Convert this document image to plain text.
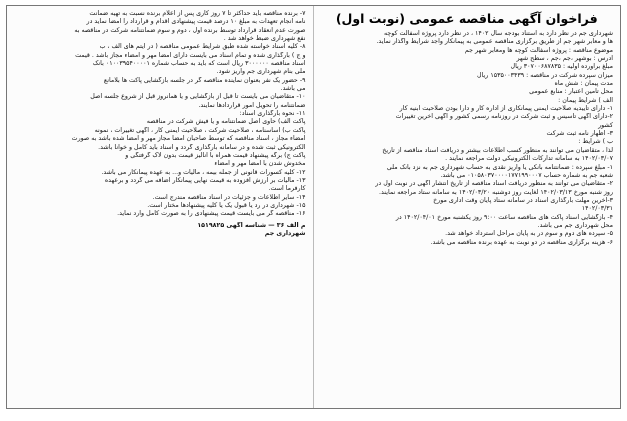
فراخوان آگهی مناقصه عمومی (نوبت اول)
شهرداری جم در نظر دارد به استناد بودجه سال ۱۴۰۲ ، در نظر دارد پروژه آسفالت کوچه
ها و معابر شهر جم از طریق برگزاری مناقصه عمومی به پیمانکار واجد شرایط واگذار نماید.
موضوع مناقصه : پروژه آسفالت کوچه ها ومعابر شهر جم
آدرس : بوشهر ،جم ،جم ، سطح شهر
مبلغ برآورده اولیه : ۳۰۷۰۰۶۸۷۸۳۵ ریال
میزان سپرده شرکت در مناقصه : ۱۵۳۵۰۰۳۴۳۹ ریال
مدت پیمان : شش ماه
محل تامین اعتبار : منابع عمومی
الف ) شرایط پیمان :
۱- دارای تاییدیه صلاحیت ایمنی پیمانکاری از اداره کار و دارا بودن صلاحیت ابنیه کار
۲-دارای آگهی تاسیس و ثبت شرکت در روزنامه رسمی کشور و آگهی آخرین تغییرات
کشور
۳- اظهار نامه ثبت شرکت
ب ) شرایط :
لذا ، متقاضیان می توانند به منظور کسب اطلاعات بیشتر و دریافت اسناد مناقصه از تاریخ
۱۴۰۲/۰۳/۰۷ به سامانه تدارکات الکترونیکی دولت مراجعه نمایند .
۱- مبلغ سپرده : ضمانتنامه بانکی یا واریز نقدی به حساب شهرداری جم به نزد بانک ملی
شعبه جم به شماره حساب ۰۱۰۵۸۰۳۷۰۰۰۰۱۷۷۱۹۹۰۰۰۷ می باشد.
۲- متقاضیان می توانند به منظور دریافت اسناد مناقصه از تاریخ انتشار آگهی در نوبت اول در
روز شنبه مورخ ۱۴۰۲/۰۳/۱۳ لغایت روز دوشنبه ۱۴۰۲/۰۳/۲۰ به سامانه ستاد مراجعه نمایند.
۳-آخرین مهلت بارگذاری اسناد در سامانه ستاد پایان وقت اداری مورخ
۱۴۰۲/۰۳/۳۱
۴- بازگشایی اسناد پاکت های مناقصه ساعت ۹:۰۰ روز یکشنبه مورخ ۱۴۰۲/۰۴/۰۱ در
محل شهرداری جم می باشد.
۵- سپرده های دوم و سوم در به پایان مراحل استرداد خواهد شد.
۶- هزینه برگزاری مناقصه در دو نوبت به عهده برنده مناقصه می باشد.
۷- برنده مناقصه باید حداکثر تا ۷ روز کاری پس از اعلام برنده نسبت به تهیه ضمانت
نامه انجام تعهدات به مبلغ ۱۰ درصد قیمت پیشنهادی اقدام و قرارداد را امضا نماید در
صورت عدم انعقاد قرارداد توسط برنده اول ، دوم و سوم ضمانتنامه شرکت در مناقصه به
نفع شهرداری ضبط خواهد شد .
۸- کلیه اسناد خواسته شده طبق شرایط عمومی مناقصه ( در آیتم های الف ، ب
و ج ) بارگذاری شده و تمام اسناد می بایست دارای امضا مهر و امضاء مجاز باشد . قیمت
اسناد مناقصه ۳۰۰۰۰۰۰ ریال است که باید به حساب شماره ۰۱۰۰۳۹۵۴۰۰۰۰۱ بانک
ملی بنام شهرداری جم واریز شود.
۹- حضور یک نفر بعنوان نماینده مناقصه گر در جلسه بازگشایی پاکت ها بلامانع
می باشد.
۱۰- متقاضیان می بایست تا قبل از بازگشایی و یا همانروز قبل از شروع جلسه اصل
ضمانتنامه را تحویل امور قراردادها نمایند.
۱۱- نحوه بارگذاری اسناد:
پاکت الف) حاوی اصل ضمانتنامه و یا فیش شرکت در مناقصه
پاکت ب) اساسنامه ، صلاحیت شرکت ، صلاحیت ایمنی کار ، آگهی تغییرات ، نمونه
امضاء مجاز ، اسناد مناقصه که توسط صاحبان امضا مجاز مهر و امضا شده باشد به صورت
الکترونیکی ثبت شده و در سامانه بارگذاری گردد و اسناد باید کامل و خوانا باشد.
پاکت ج) برگه پیشنهاد قیمت همراه با آنالیز قیمت بدون لاک گرفتگی و
مخدوش شدن با امضا مهر و امضاء
۱۲- کلیه کسورات قانونی از جمله بیمه ، مالیات و... به عهده پیمانکار می باشد.
۱۳- مالیات بر ارزش افزوده به قیمت نهایی پیمانکار اضافه می گردد و برعهده
کارفرما است.
۱۴- سایر اطلاعات و جزئیات در اسناد مناقصه مندرج است.
۱۵- شهرداری در رد یا قبول یک یا کلیه پیشنهادها مختار است.
۱۶- مناقصه گر می بایست قیمت پیشنهادی را به صورت کامل وارد نماید.
م الف ۳۶ — شناسه آگهی ۱۵۱۹۸۲۵
شهرداری جم
